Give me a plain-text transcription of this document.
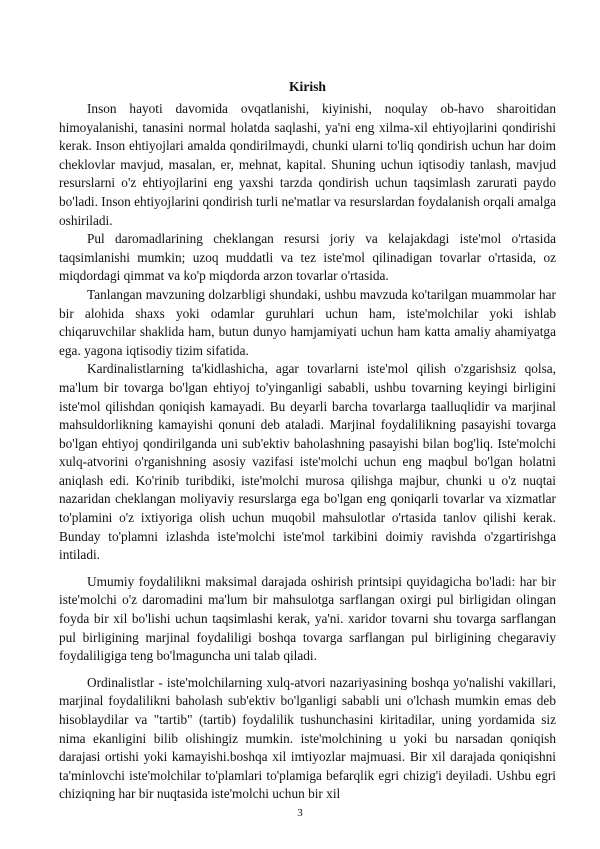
Kirish

Inson hayoti davomida ovqatlanishi, kiyinishi, noqulay ob-havo sharoitidan himoyalanishi, tanasini normal holatda saqlashi, ya'ni eng xilma-xil ehtiyojlarini qondirishi kerak. Inson ehtiyojlari amalda qondirilmaydi, chunki ularni to'liq qondirish uchun har doim cheklovlar mavjud, masalan, er, mehnat, kapital. Shuning uchun iqtisodiy tanlash, mavjud resurslarni o'z ehtiyojlarini eng yaxshi tarzda qondirish uchun taqsimlash zarurati paydo bo'ladi. Inson ehtiyojlarini qondirish turli ne'matlar va resurslardan foydalanish orqali amalga oshiriladi.

Pul daromadlarining cheklangan resursi joriy va kelajakdagi iste'mol o'rtasida taqsimlanishi mumkin; uzoq muddatli va tez iste'mol qilinadigan tovarlar o'rtasida, oz miqdordagi qimmat va ko'p miqdorda arzon tovarlar o'rtasida.

Tanlangan mavzuning dolzarbligi shundaki, ushbu mavzuda ko'tarilgan muammolar har bir alohida shaxs yoki odamlar guruhlari uchun ham, iste'molchilar yoki ishlab chiqaruvchilar shaklida ham, butun dunyo hamjamiyati uchun ham katta amaliy ahamiyatga ega. yagona iqtisodiy tizim sifatida.

Kardinalistlarning ta'kidlashicha, agar tovarlarni iste'mol qilish o'zgarishsiz qolsa, ma'lum bir tovarga bo'lgan ehtiyoj to'yinganligi sababli, ushbu tovarning keyingi birligini iste'mol qilishdan qoniqish kamayadi. Bu deyarli barcha tovarlarga taalluqlidir va marjinal mahsuldorlikning kamayishi qonuni deb ataladi. Marjinal foydalilikning pasayishi tovarga bo'lgan ehtiyoj qondirilganda uni sub'ektiv baholashning pasayishi bilan bog'liq. Iste'molchi xulq-atvorini o'rganishning asosiy vazifasi iste'molchi uchun eng maqbul bo'lgan holatni aniqlash edi. Ko'rinib turibdiki, iste'molchi murosa qilishga majbur, chunki u o'z nuqtai nazaridan cheklangan moliyaviy resurslarga ega bo'lgan eng qoniqarli tovarlar va xizmatlar to'plamini o'z ixtiyoriga olish uchun muqobil mahsulotlar o'rtasida tanlov qilishi kerak. Bunday to'plamni izlashda iste'molchi iste'mol tarkibini doimiy ravishda o'zgartirishga intiladi.

Umumiy foydalilikni maksimal darajada oshirish printsipi quyidagicha bo'ladi: har bir iste'molchi o'z daromadini ma'lum bir mahsulotga sarflangan oxirgi pul birligidan olingan foyda bir xil bo'lishi uchun taqsimlashi kerak, ya'ni. xaridor tovarni shu tovarga sarflangan pul birligining marjinal foydaliligi boshqa tovarga sarflangan pul birligining chegaraviy foydaliligiga teng bo'lmaguncha uni talab qiladi.

Ordinalistlar - iste'molchilarning xulq-atvori nazariyasining boshqa yo'nalishi vakillari, marjinal foydalilikni baholash sub'ektiv bo'lganligi sababli uni o'lchash mumkin emas deb hisoblaydilar va "tartib" (tartib) foydalilik tushunchasini kiritadilar, uning yordamida siz nima ekanligini bilib olishingiz mumkin. iste'molchining u yoki bu narsadan qoniqish darajasi ortishi yoki kamayishi.boshqa xil imtiyozlar majmuasi. Bir xil darajada qoniqishni ta'minlovchi iste'molchilar to'plamlari to'plamiga befarqlik egri chizig'i deyiladi. Ushbu egri chiziqning har bir nuqtasida iste'molchi uchun bir xil

3
